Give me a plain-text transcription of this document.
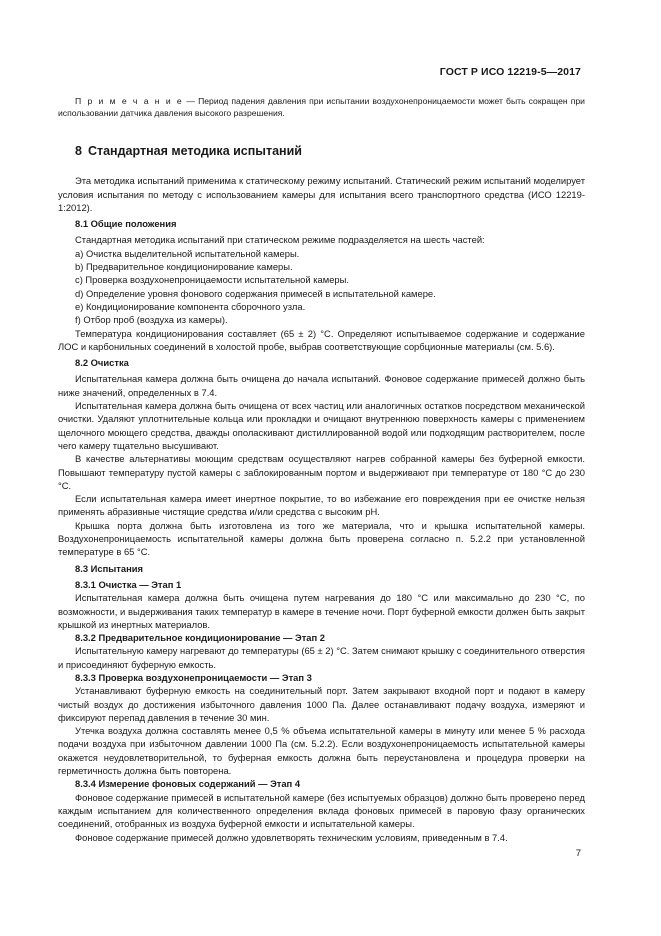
ГОСТ Р ИСО 12219-5—2017

П р и м е ч а н и е — Период падения давления при испытании воздухонепроницаемости может быть сокращен при использовании датчика давления высокого разрешения.

8 Стандартная методика испытаний

Эта методика испытаний применима к статическому режиму испытаний. Статический режим испытаний моделирует условия испытания по методу с использованием камеры для испытания всего транспортного средства (ИСО 12219-1:2012).

8.1 Общие положения

Стандартная методика испытаний при статическом режиме подразделяется на шесть частей:

a) Очистка выделительной испытательной камеры.

b) Предварительное кондиционирование камеры.

c) Проверка воздухонепроницаемости испытательной камеры.

d) Определение уровня фонового содержания примесей в испытательной камере.

e) Кондиционирование компонента сборочного узла.

f) Отбор проб (воздуха из камеры).

Температура кондиционирования составляет (65 ± 2) °C. Определяют испытываемое содержание и содержание ЛОС и карбонильных соединений в холостой пробе, выбрав соответствующие сорбционные материалы (см. 5.6).

8.2 Очистка

Испытательная камера должна быть очищена до начала испытаний. Фоновое содержание примесей должно быть ниже значений, определенных в 7.4.

Испытательная камера должна быть очищена от всех частиц или аналогичных остатков посредством механической очистки. Удаляют уплотнительные кольца или прокладки и очищают внутреннюю поверхность камеры с применением щелочного моющего средства, дважды ополаскивают дистиллированной водой или подходящим растворителем, после чего камеру тщательно высушивают.

В качестве альтернативы моющим средствам осуществляют нагрев собранной камеры без буферной емкости. Повышают температуру пустой камеры с заблокированным портом и выдерживают при температуре от 180 °C до 230 °C.

Если испытательная камера имеет инертное покрытие, то во избежание его повреждения при ее очистке нельзя применять абразивные чистящие средства и/или средства с высоким pH.

Крышка порта должна быть изготовлена из того же материала, что и крышка испытательной камеры. Воздухонепроницаемость испытательной камеры должна быть проверена согласно п. 5.2.2 при установленной температуре в 65 °C.

8.3 Испытания

8.3.1 Очистка — Этап 1

Испытательная камера должна быть очищена путем нагревания до 180 °C или максимально до 230 °C, по возможности, и выдерживания таких температур в камере в течение ночи. Порт буферной емкости должен быть закрыт крышкой из инертных материалов.

8.3.2 Предварительное кондиционирование — Этап 2

Испытательную камеру нагревают до температуры (65 ± 2) °C. Затем снимают крышку с соединительного отверстия и присоединяют буферную емкость.

8.3.3 Проверка воздухонепроницаемости — Этап 3

Устанавливают буферную емкость на соединительный порт. Затем закрывают входной порт и подают в камеру чистый воздух до достижения избыточного давления 1000 Па. Далее останавливают подачу воздуха, измеряют и фиксируют перепад давления в течение 30 мин.

Утечка воздуха должна составлять менее 0,5 % объема испытательной камеры в минуту или менее 5 % расхода подачи воздуха при избыточном давлении 1000 Па (см. 5.2.2). Если воздухонепроницаемость испытательной камеры окажется неудовлетворительной, то буферная емкость должна быть переустановлена и процедура проверки на герметичность должна быть повторена.

8.3.4 Измерение фоновых содержаний — Этап 4

Фоновое содержание примесей в испытательной камере (без испытуемых образцов) должно быть проверено перед каждым испытанием для количественного определения вклада фоновых примесей в паровую фазу органических соединений, отобранных из воздуха буферной емкости и испытательной камеры.

Фоновое содержание примесей должно удовлетворять техническим условиям, приведенным в 7.4.

7
